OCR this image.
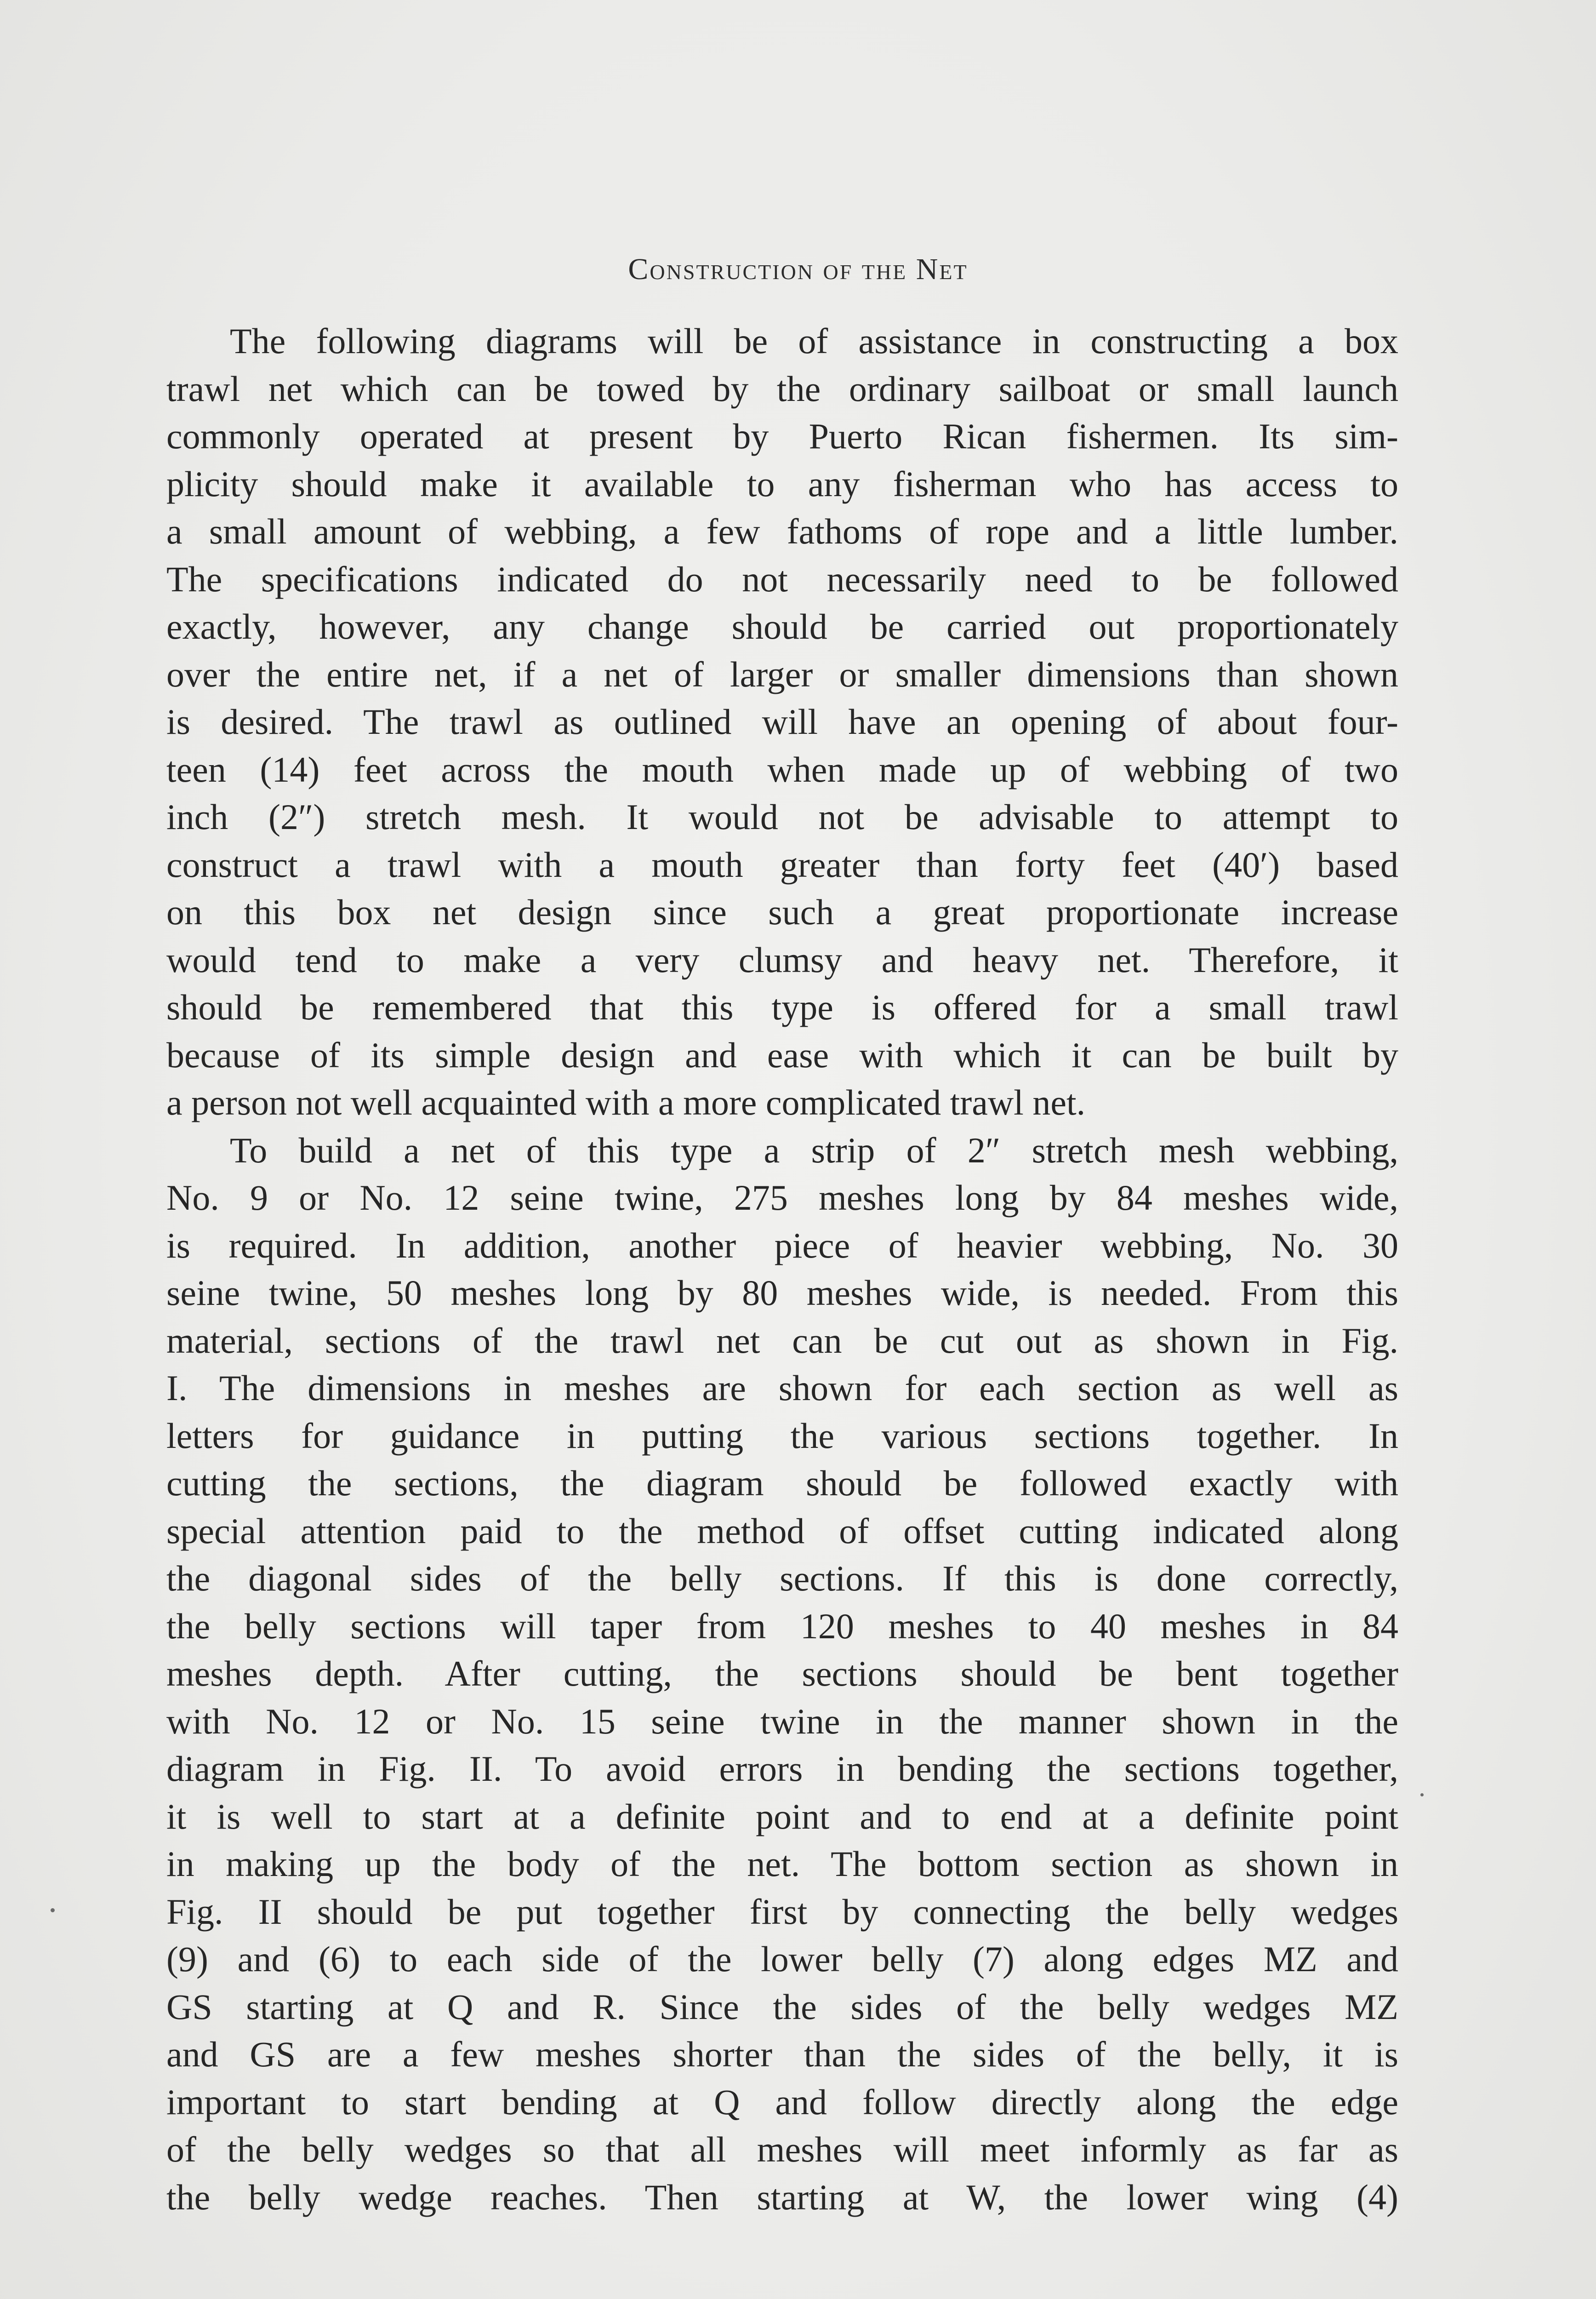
Construction of the Net

The following diagrams will be of assistance in constructing a box
trawl net which can be towed by the ordinary sailboat or small launch
commonly operated at present by Puerto Rican fishermen. Its sim-
plicity should make it available to any fisherman who has access to
a small amount of webbing, a few fathoms of rope and a little lumber.
The specifications indicated do not necessarily need to be followed
exactly, however, any change should be carried out proportionately
over the entire net, if a net of larger or smaller dimensions than shown
is desired. The trawl as outlined will have an opening of about four-
teen (14) feet across the mouth when made up of webbing of two
inch (2″) stretch mesh. It would not be advisable to attempt to
construct a trawl with a mouth greater than forty feet (40′) based
on this box net design since such a great proportionate increase
would tend to make a very clumsy and heavy net. Therefore, it
should be remembered that this type is offered for a small trawl
because of its simple design and ease with which it can be built by
a person not well acquainted with a more complicated trawl net.

To build a net of this type a strip of 2″ stretch mesh webbing,
No. 9 or No. 12 seine twine, 275 meshes long by 84 meshes wide,
is required. In addition, another piece of heavier webbing, No. 30
seine twine, 50 meshes long by 80 meshes wide, is needed. From this
material, sections of the trawl net can be cut out as shown in Fig.
I. The dimensions in meshes are shown for each section as well as
letters for guidance in putting the various sections together. In
cutting the sections, the diagram should be followed exactly with
special attention paid to the method of offset cutting indicated along
the diagonal sides of the belly sections. If this is done correctly,
the belly sections will taper from 120 meshes to 40 meshes in 84
meshes depth. After cutting, the sections should be bent together
with No. 12 or No. 15 seine twine in the manner shown in the
diagram in Fig. II. To avoid errors in bending the sections together,
it is well to start at a definite point and to end at a definite point
in making up the body of the net. The bottom section as shown in
Fig. II should be put together first by connecting the belly wedges
(9) and (6) to each side of the lower belly (7) along edges MZ and
GS starting at Q and R. Since the sides of the belly wedges MZ
and GS are a few meshes shorter than the sides of the belly, it is
important to start bending at Q and follow directly along the edge
of the belly wedges so that all meshes will meet informly as far as
the belly wedge reaches. Then starting at W, the lower wing (4)
